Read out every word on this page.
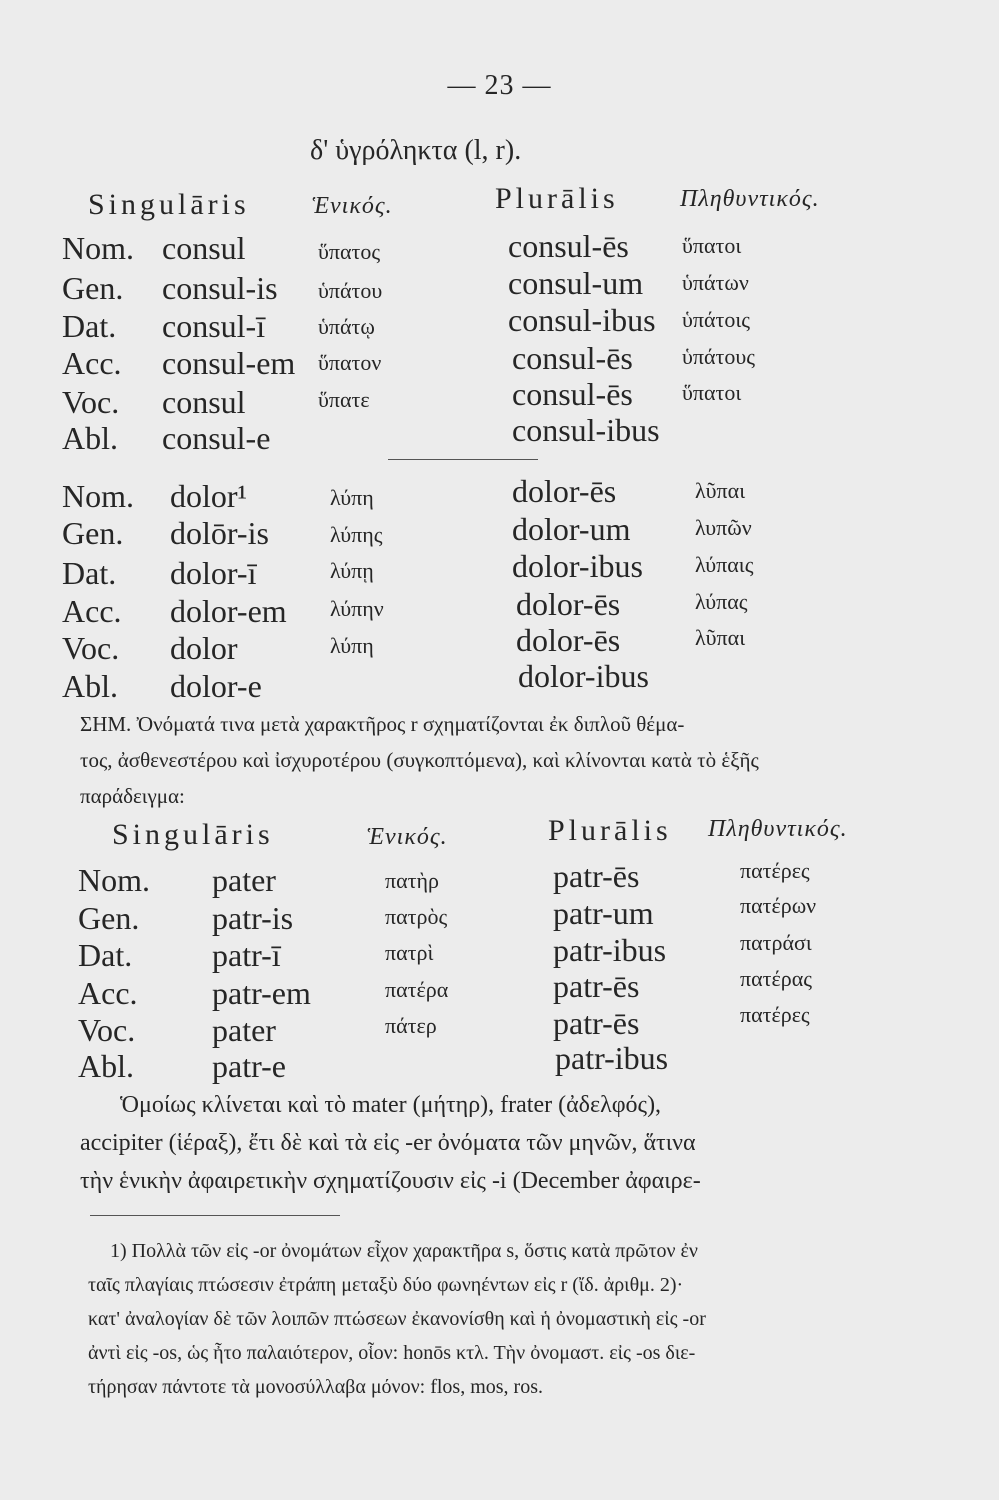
— 23 —
δ' ὑγρόληκτα (l, r).
Singulāris	Ἑνικός.	Plurālis	Πληθυντικός.
Nom. consul	ὕπατος	consul-ēs ὕπατοι
Gen. consul-is ὑπάτου	consul-um ὑπάτων
Dat. consul-ī ὑπάτῳ	consul-ibus ὑπάτοις
Acc. consul-em ὕπατον	consul-ēs ὑπάτους
Voc. consul	ὕπατε	consul-ēs ὕπατοι
Abl. consul-e	consul-ibus
Nom. dolor¹	λύπη	dolor-ēs	λῦπαι
Gen. dolōr-is	λύπης	dolor-um	λυπῶν
Dat. dolor-ī	λύπῃ	dolor-ibus λύπαις
Acc. dolor-em λύπην	dolor-ēs	λύπας
Voc. dolor	λύπη	dolor-ēs	λῦπαι
Abl. dolor-e	dolor-ibus
ΣΗΜ. Ὀνόματά τινα μετὰ χαρακτῆρος r σχηματίζονται ἐκ διπλοῦ θέμα-
τος, ἀσθενεστέρου καὶ ἰσχυροτέρου (συγκοπτόμενα), καὶ κλίνονται κατὰ τὸ ἑξῆς
παράδειγμα:
Singulāris	Ἑνικός.	Plurālis Πληθυντικός.
Nom. pater	πατὴρ	patr-ēs	πατέρες
Gen. patr-is	πατρὸς	patr-um	πατέρων
Dat. patr-ī	πατρὶ	patr-ibus	πατράσι
Acc. patr-em	πατέρα	patr-ēs	πατέρας
Voc. pater	πάτερ	patr-ēs	πατέρες
Abl. patr-e	patr-ibus
Ὁμοίως κλίνεται καὶ τὸ mater (μήτηρ), frater (ἀδελφός),
accipiter (ἱέραξ), ἔτι δὲ καὶ τὰ εἰς -er ὀνόματα τῶν μηνῶν, ἅτινα
τὴν ἑνικὴν ἀφαιρετικὴν σχηματίζουσιν εἰς -i (December ἀφαιρε-
1) Πολλὰ τῶν εἰς -or ὀνομάτων εἶχον χαρακτῆρα s, ὅστις κατὰ πρῶτον ἐν
ταῖς πλαγίαις πτώσεσιν ἐτράπη μεταξὺ δύο φωνηέντων εἰς r (ἴδ. ἀριθμ. 2)·
κατ' ἀναλογίαν δὲ τῶν λοιπῶν πτώσεων ἐκανονίσθη καὶ ἡ ὀνομαστικὴ εἰς -or
ἀντὶ εἰς -os, ὡς ἦτο παλαιότερον, οἷον: honōs κτλ. Τὴν ὀνομαστ. εἰς -os διε-
τήρησαν πάντοτε τὰ μονοσύλλαβα μόνον: flos, mos, ros.
